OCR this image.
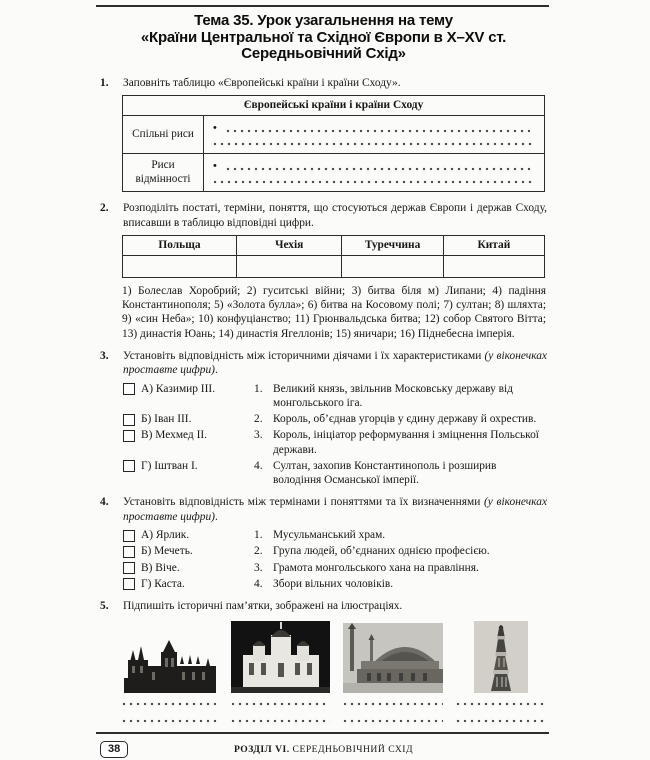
Тема 35. Урок узагальнення на тему
«Країни Центральної та Східної Європи в X–XV ст. Середньовічний Схід»
1.	Заповніть таблицю «Європейські країни і країни Сходу».
Європейські країни і країни Сходу	
Спільні риси	•

Риси відмінності	•
2.	Розподіліть постаті, терміни, поняття, що стосуються держав Європи і держав Сходу, вписавши в таблицю відповідні цифри.
Польща	Чехія	Туреччина	Китай

1) Болеслав Хоробрий; 2) гуситські війни; 3) битва біля м) Липани; 4) падіння Константинополя; 5) «Золота булла»; 6) битва на Косовому полі; 7) султан; 8) шляхта; 9) «син Неба»; 10) конфуціанство; 11) Грюнвальдська битва; 12) собор Святого Вітта; 13) династія Юань; 14) династія Ягеллонів; 15) яничари; 16) Піднебесна імперія.
3.	Установіть відповідність між історичними діячами і їх характеристиками (у віконечках проставте цифри).
А) Казимир III.	1. Великий князь, звільнив Московську державу від монгольського іга.
Б) Іван III.	2. Король, об’єднав угорців у єдину державу й охрестив.
В) Мехмед II.	3. Король, ініціатор реформування і зміцнення Польської держави.
Г) Іштван I.	4. Султан, захопив Константинополь і розширив володіння Османської імперії.
4.	Установіть відповідність між термінами і поняттями та їх визначеннями (у віконечках проставте цифри).
А) Ярлик.	1. Мусульманський храм.
Б) Мечеть.	2. Група людей, об’єднаних однією професією.
В) Віче.	3. Грамота монгольського хана на правління.
Г) Каста.	4. Збори вільних чоловіків.
5.	Підпишіть історичні пам’ятки, зображені на ілюстраціях.
38	РОЗДІЛ VI. СЕРЕДНЬОВІЧНИЙ СХІД
